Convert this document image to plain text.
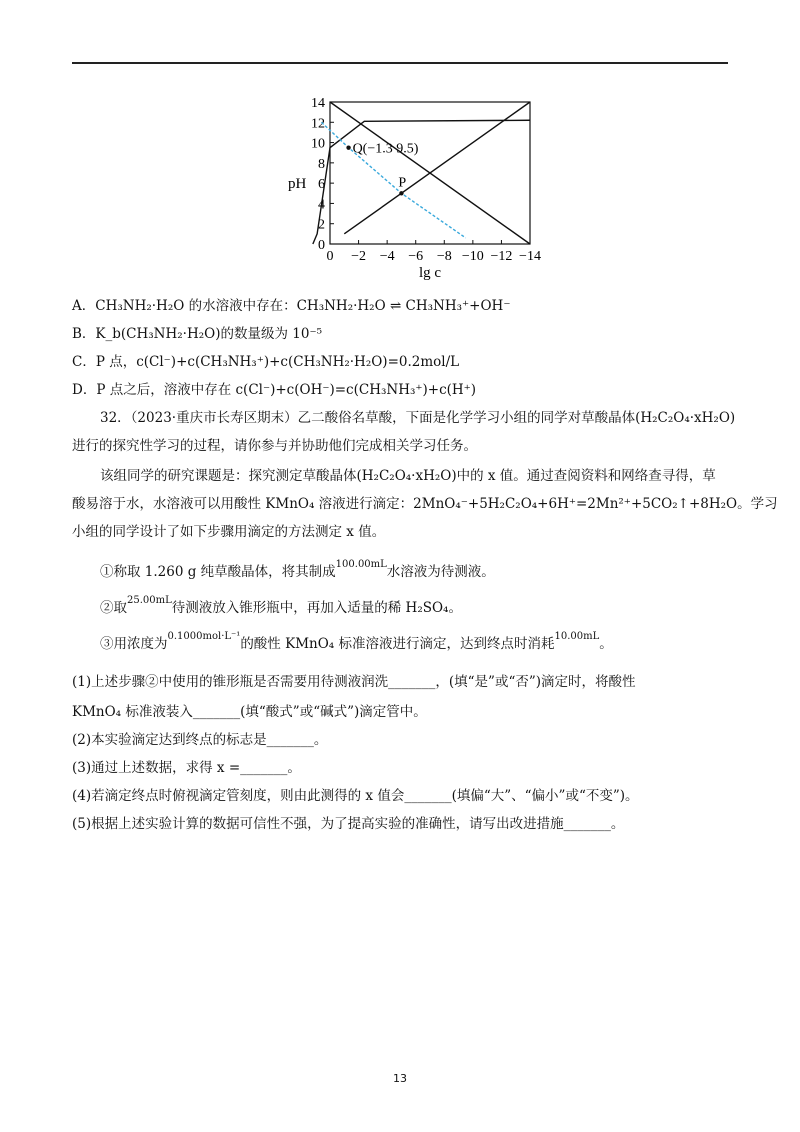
0
2
4
6
8
10
12
14
0 −2 −4 −6 −8 −10 −12 −14
pH
lg c
Q(−1.3 9.5)
P
A．CH₃NH₂·H₂O 的水溶液中存在：CH₃NH₂·H₂O ⇌ CH₃NH₃⁺+OH⁻
B．K_b(CH₃NH₂·H₂O)的数量级为 10⁻⁵
C．P 点，c(Cl⁻)+c(CH₃NH₃⁺)+c(CH₃NH₂·H₂O)=0.2mol/L
D．P 点之后，溶液中存在 c(Cl⁻)+c(OH⁻)=c(CH₃NH₃⁺)+c(H⁺)
32．（2023·重庆市长寿区期末）乙二酸俗名草酸，下面是化学学习小组的同学对草酸晶体(H₂C₂O₄·xH₂O)
进行的探究性学习的过程，请你参与并协助他们完成相关学习任务。
该组同学的研究课题是：探究测定草酸晶体(H₂C₂O₄·xH₂O)中的 x 值。通过查阅资料和网络查寻得，草
酸易溶于水，水溶液可以用酸性 KMnO₄ 溶液进行滴定：2MnO₄⁻+5H₂C₂O₄+6H⁺=2Mn²⁺+5CO₂↑+8H₂O。学习
小组的同学设计了如下步骤用滴定的方法测定 x 值。
①称取 1.260 g 纯草酸晶体，将其制成$^{100.00mL}$水溶液为待测液。
②取$^{25.00mL}$待测液放入锥形瓶中，再加入适量的稀 H₂SO₄。
③用浓度为$^{0.1000mol\cdot L^{-1}}$的酸性 KMnO₄ 标准溶液进行滴定，达到终点时消耗$^{10.00mL}$。
(1)上述步骤②中使用的锥形瓶是否需要用待测液润洗_______，(填“是”或“否”)滴定时，将酸性
KMnO₄ 标准液装入_______(填“酸式”或“碱式”)滴定管中。
(2)本实验滴定达到终点的标志是_______。
(3)通过上述数据，求得 x =_______。
(4)若滴定终点时俯视滴定管刻度，则由此测得的 x 值会_______(填偏“大”、“偏小”或“不变”)。
(5)根据上述实验计算的数据可信性不强，为了提高实验的准确性，请写出改进措施_______。
13
